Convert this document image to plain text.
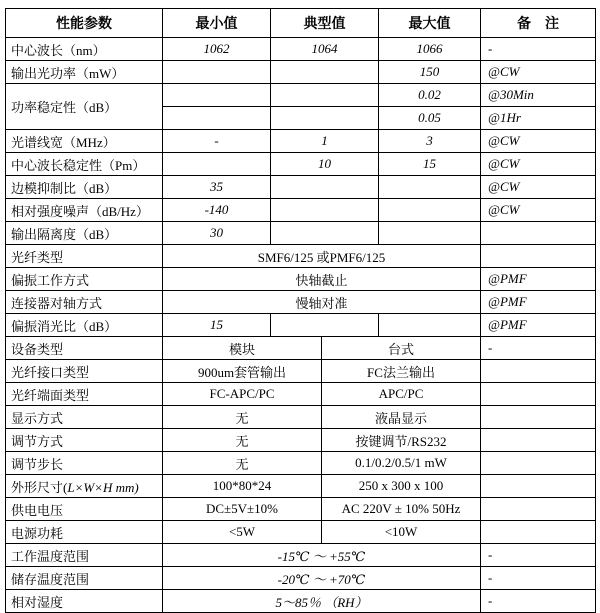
性能参数	最小值	典型值		最大值	备　注
中心波长（nm）	1062	1064		1066	-
输出光功率（mW）				150	@CW
功率稳定性（dB）				0.02	@30Min
				0.05	@1Hr
光谱线宽（MHz）	-	1		3	@CW
中心波长稳定性（Pm）		10		15	@CW
边模抑制比（dB）	35				@CW
相对强度噪声（dB/Hz）	-140				@CW
输出隔离度（dB）	30				
光纤类型	SMF6/125 或PMF6/125				
偏振工作方式	快轴截止				@PMF
连接器对轴方式	慢轴对准				@PMF
偏振消光比（dB）	15				@PMF
设备类型	模块		台式		-
光纤接口类型	900um套管输出		FC法兰输出		
光纤端面类型	FC-APC/PC		APC/PC		
显示方式	无		液晶显示		
调节方式	无		按键调节/RS232		
调节步长	无		0.1/0.2/0.5/1 mW		
外形尺寸(L×W×H mm)	100*80*24		250 x 300 x 100		
供电电压	DC±5V±10%		AC 220V ± 10% 50Hz		
电源功耗	<5W		<10W		
工作温度范围	-15℃ ～ +55℃				-
储存温度范围	-20℃ ～ +70℃				-
相对湿度	5～85％ （RH）				-
